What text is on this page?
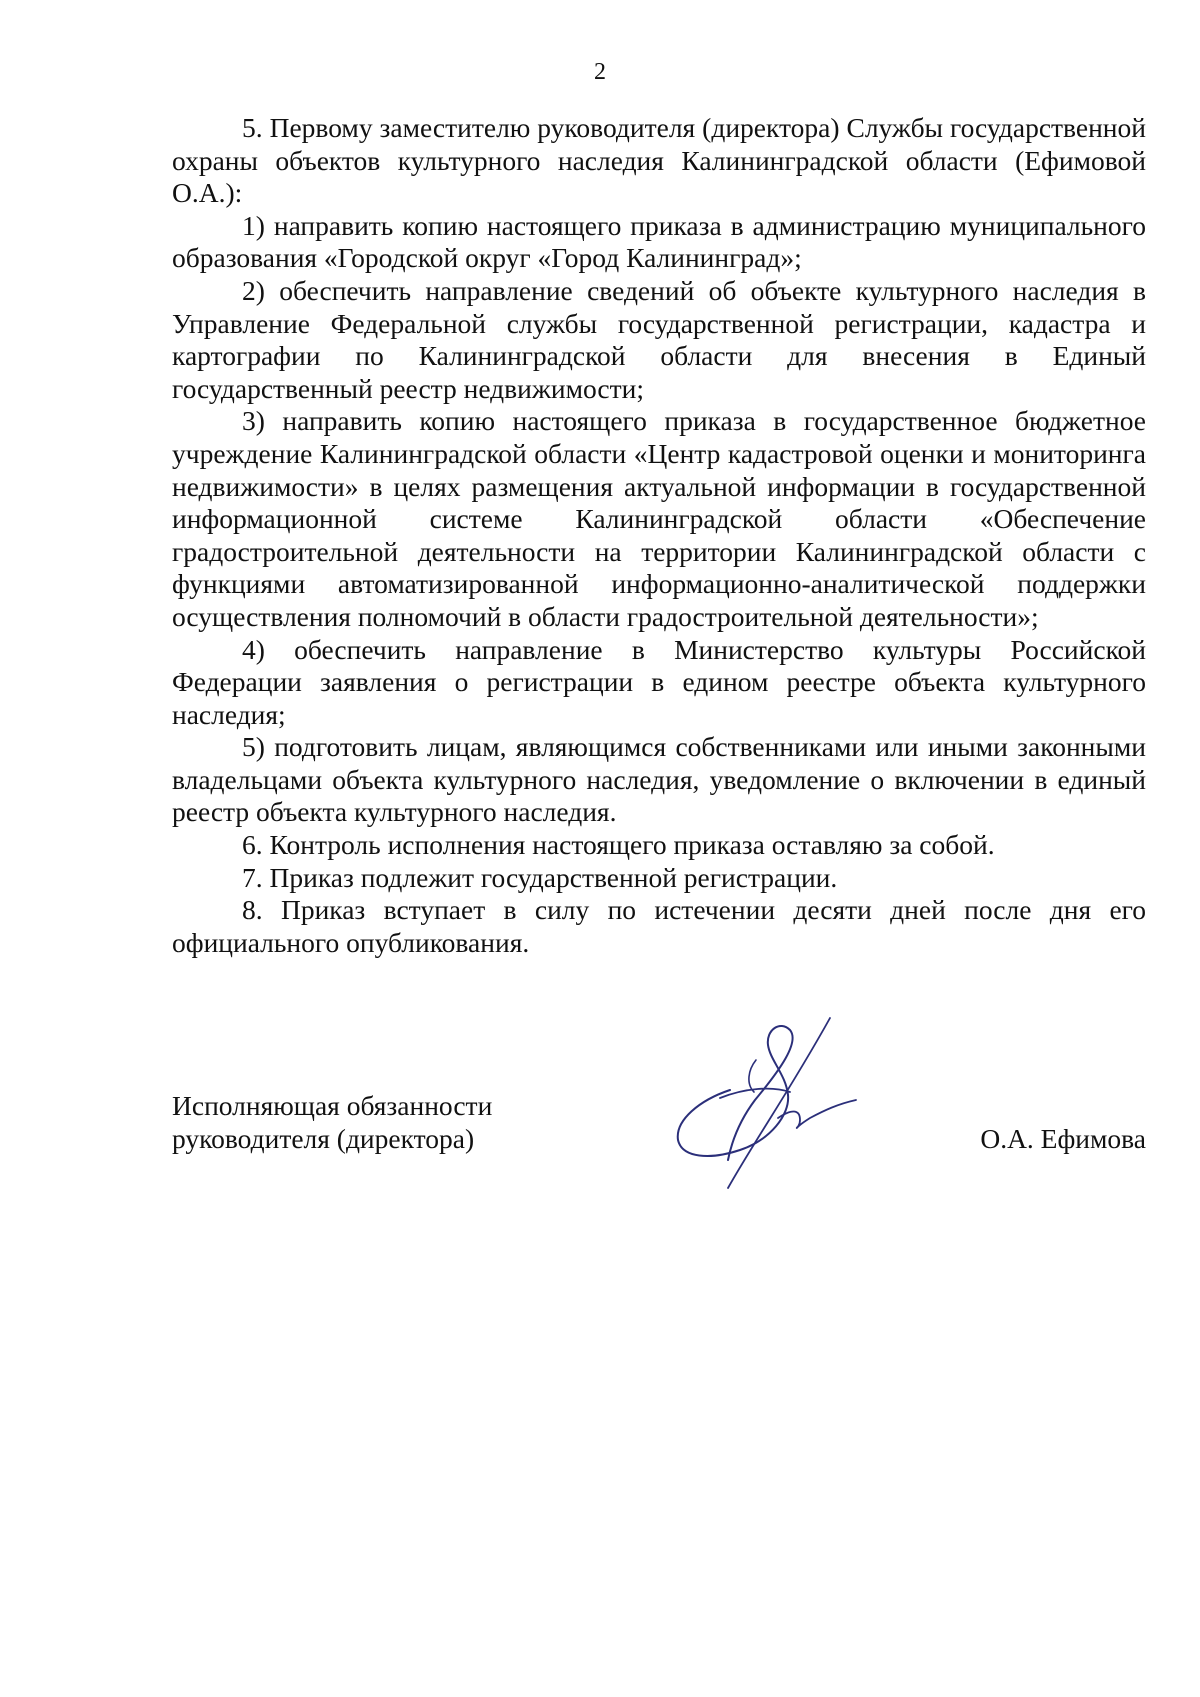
2

5. Первому заместителю руководителя (директора) Службы государственной охраны объектов культурного наследия Калининградской области (Ефимовой О.А.):

1) направить копию настоящего приказа в администрацию муниципального образования «Городской округ «Город Калининград»;

2) обеспечить направление сведений об объекте культурного наследия в Управление Федеральной службы государственной регистрации, кадастра и картографии по Калининградской области для внесения в Единый государственный реестр недвижимости;

3) направить копию настоящего приказа в государственное бюджетное учреждение Калининградской области «Центр кадастровой оценки и мониторинга недвижимости» в целях размещения актуальной информации в государственной информационной системе Калининградской области «Обеспечение градостроительной деятельности на территории Калининградской области с функциями автоматизированной информационно-аналитической поддержки осуществления полномочий в области градостроительной деятельности»;

4) обеспечить направление в Министерство культуры Российской Федерации заявления о регистрации в едином реестре объекта культурного наследия;

5) подготовить лицам, являющимся собственниками или иными законными владельцами объекта культурного наследия, уведомление о включении в единый реестр объекта культурного наследия.

6. Контроль исполнения настоящего приказа оставляю за собой.

7. Приказ подлежит государственной регистрации.

8. Приказ вступает в силу по истечении десяти дней после дня его официального опубликования.

Исполняющая обязанности
руководителя (директора)	О.А. Ефимова
